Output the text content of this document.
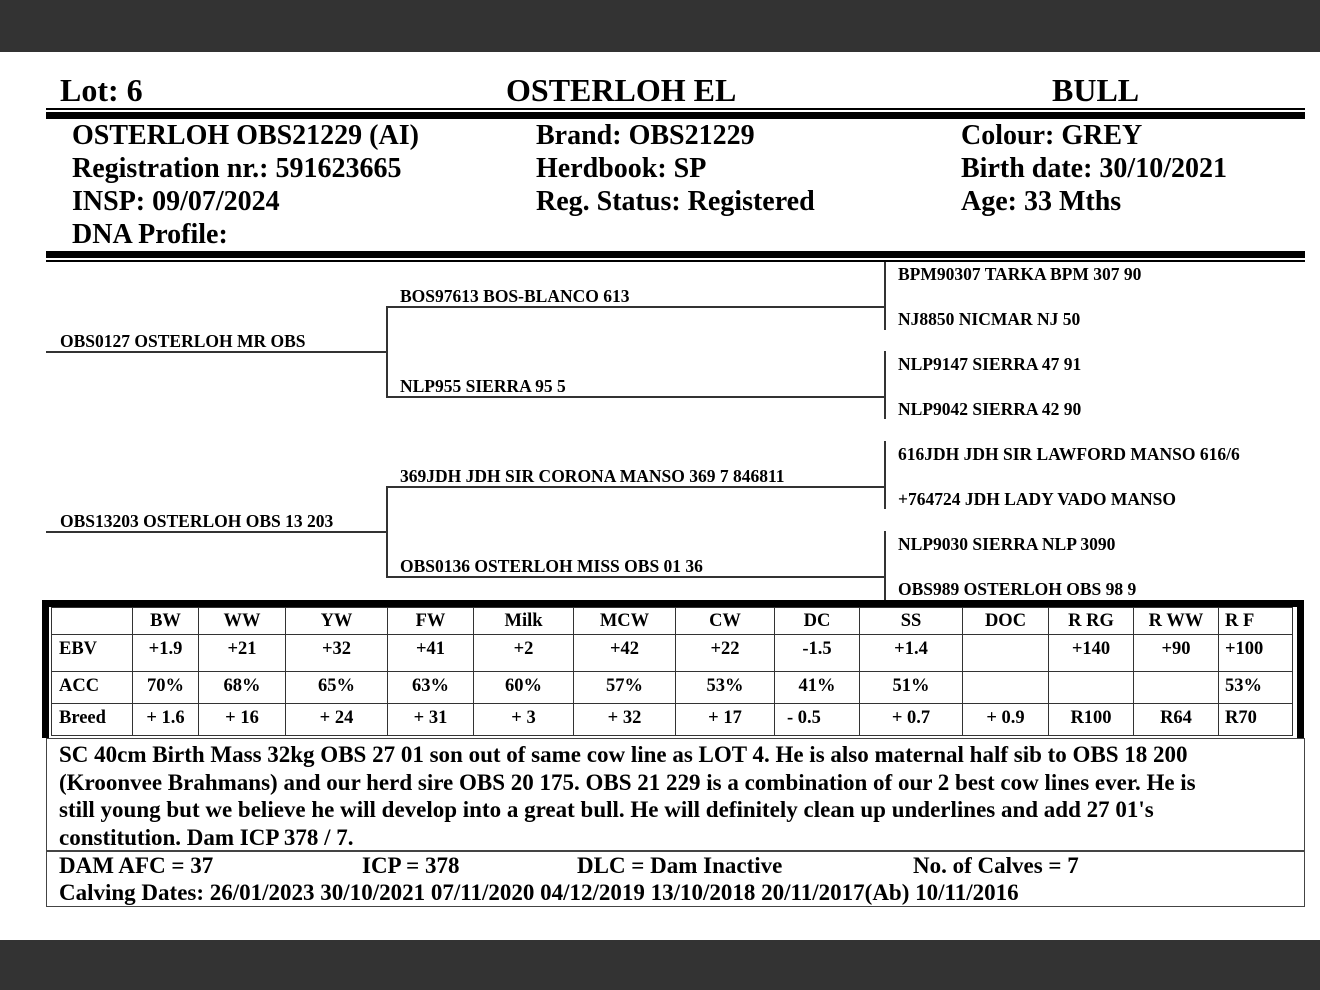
Lot: 6	OSTERLOH EL	BULL
OSTERLOH OBS21229 (AI)
Registration nr.: 591623665
INSP: 09/07/2024
DNA Profile:
Brand: OBS21229
Herdbook: SP
Reg. Status: Registered
Colour: GREY
Birth date: 30/10/2021
Age: 33 Mths
OBS0127 OSTERLOH MR OBS
OBS13203 OSTERLOH OBS 13 203
BOS97613 BOS-BLANCO 613
NLP955 SIERRA 95 5
369JDH JDH SIR CORONA MANSO 369 7 846811
OBS0136 OSTERLOH MISS OBS 01 36
BPM90307 TARKA BPM 307 90
NJ8850 NICMAR NJ 50
NLP9147 SIERRA 47 91
NLP9042 SIERRA 42 90
616JDH JDH SIR LAWFORD MANSO 616/6
+764724 JDH LADY VADO MANSO
NLP9030 SIERRA NLP 3090
OBS989 OSTERLOH OBS 98 9
	BW	WW	YW	FW	Milk	MCW	CW	DC	SS	DOC	R RG	R WW	R F
EBV	+1.9	+21	+32	+41	+2	+42	+22	-1.5	+1.4		+140	+90	+100
ACC	70%	68%	65%	63%	60%	57%	53%	41%	51%				53%
Breed	+ 1.6	+ 16	+ 24	+ 31	+ 3	+ 32	+ 17	- 0.5	+ 0.7	+ 0.9	R100	R64	R70
SC 40cm Birth Mass 32kg OBS 27 01 son out of same cow line as LOT 4. He is also maternal half sib to OBS 18 200
(Kroonvee Brahmans) and our herd sire OBS 20 175. OBS 21 229 is a combination of our 2 best cow lines ever. He is
still young but we believe he will develop into a great bull. He will definitely clean up underlines and add 27 01's
constitution. Dam ICP 378 / 7.
DAM AFC = 37	ICP = 378	DLC = Dam Inactive	No. of Calves = 7
Calving Dates: 26/01/2023 30/10/2021 07/11/2020 04/12/2019 13/10/2018 20/11/2017(Ab) 10/11/2016
